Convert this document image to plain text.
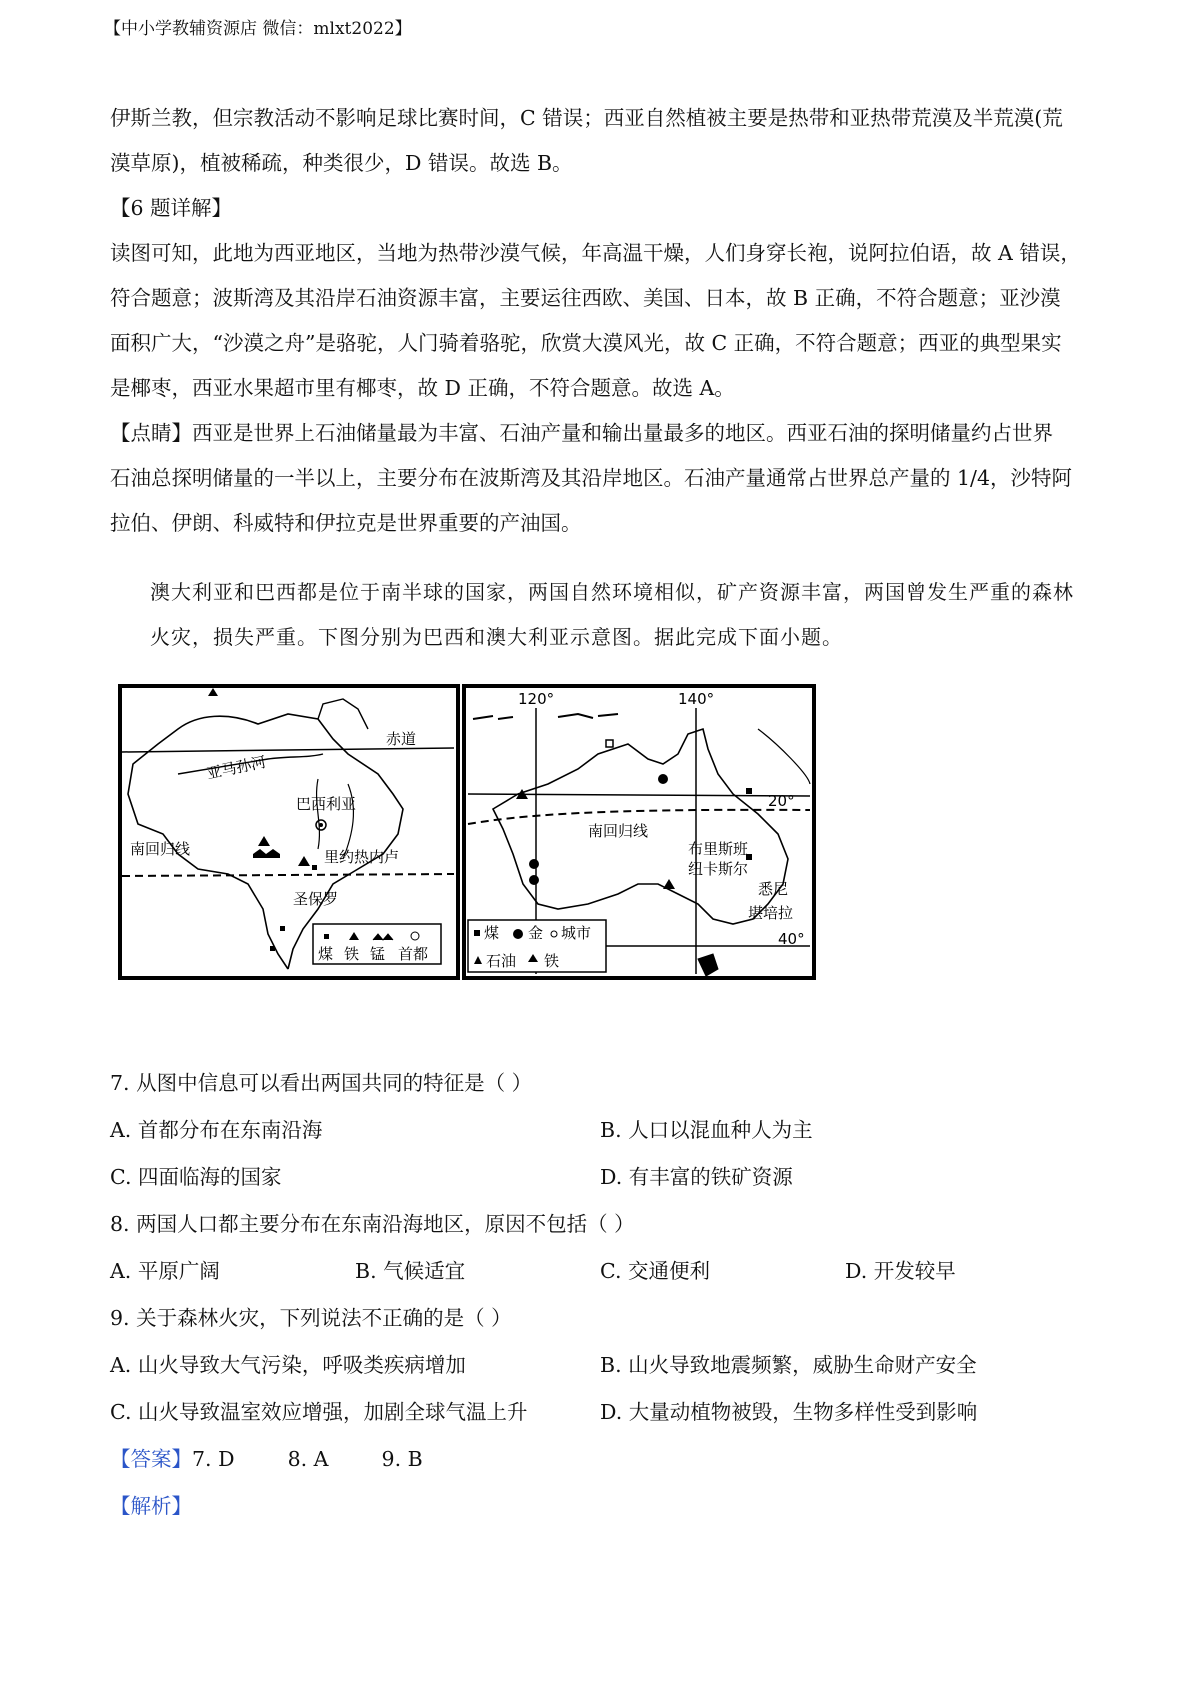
【中小学教辅资源店 微信：mlxt2022】
伊斯兰教，但宗教活动不影响足球比赛时间，C 错误；西亚自然植被主要是热带和亚热带荒漠及半荒漠(荒
漠草原)，植被稀疏，种类很少，D 错误。故选 B。
【6 题详解】
读图可知，此地为西亚地区，当地为热带沙漠气候，年高温干燥，人们身穿长袍，说阿拉伯语，故 A 错误，
符合题意；波斯湾及其沿岸石油资源丰富，主要运往西欧、美国、日本，故 B 正确，不符合题意；亚沙漠
面积广大，“沙漠之舟”是骆驼，人门骑着骆驼，欣赏大漠风光，故 C 正确，不符合题意；西亚的典型果实
是椰枣，西亚水果超市里有椰枣，故 D 正确，不符合题意。故选 A。
【点睛】西亚是世界上石油储量最为丰富、石油产量和输出量最多的地区。西亚石油的探明储量约占世界
石油总探明储量的一半以上，主要分布在波斯湾及其沿岸地区。石油产量通常占世界总产量的 1/4，沙特阿
拉伯、伊朗、科威特和伊拉克是世界重要的产油国。
澳大利亚和巴西都是位于南半球的国家，两国自然环境相似，矿产资源丰富，两国曾发生严重的森林
火灾，损失严重。下图分别为巴西和澳大利亚示意图。据此完成下面小题。
赤道
亚马孙河
巴西利亚
南回归线	里约热内卢
圣保罗
煤 铁 锰 首都
120°	140°
20°
40°
南回归线
布里斯班
纽卡斯尔
悉尼
堪培拉
煤 金 城市
石油 铁
7. 从图中信息可以看出两国共同的特征是（ ）
A. 首都分布在东南沿海	B. 人口以混血种人为主
C. 四面临海的国家	D. 有丰富的铁矿资源
8. 两国人口都主要分布在东南沿海地区，原因不包括（ ）
A. 平原广阔	B. 气候适宜	C. 交通便利	D. 开发较早
9. 关于森林火灾，下列说法不正确的是（ ）
A. 山火导致大气污染，呼吸类疾病增加	B. 山火导致地震频繁，威胁生命财产安全
C. 山火导致温室效应增强，加剧全球气温上升	D. 大量动植物被毁，生物多样性受到影响
【答案】7. D	8. A	9. B
【解析】
